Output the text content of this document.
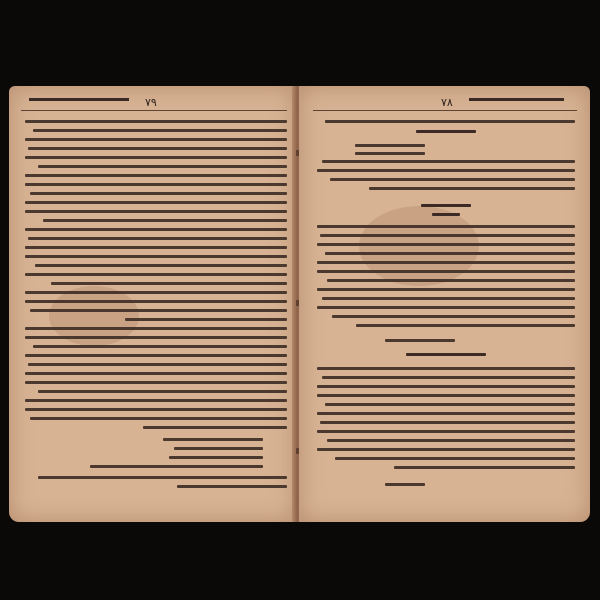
٧٩	٧٨
